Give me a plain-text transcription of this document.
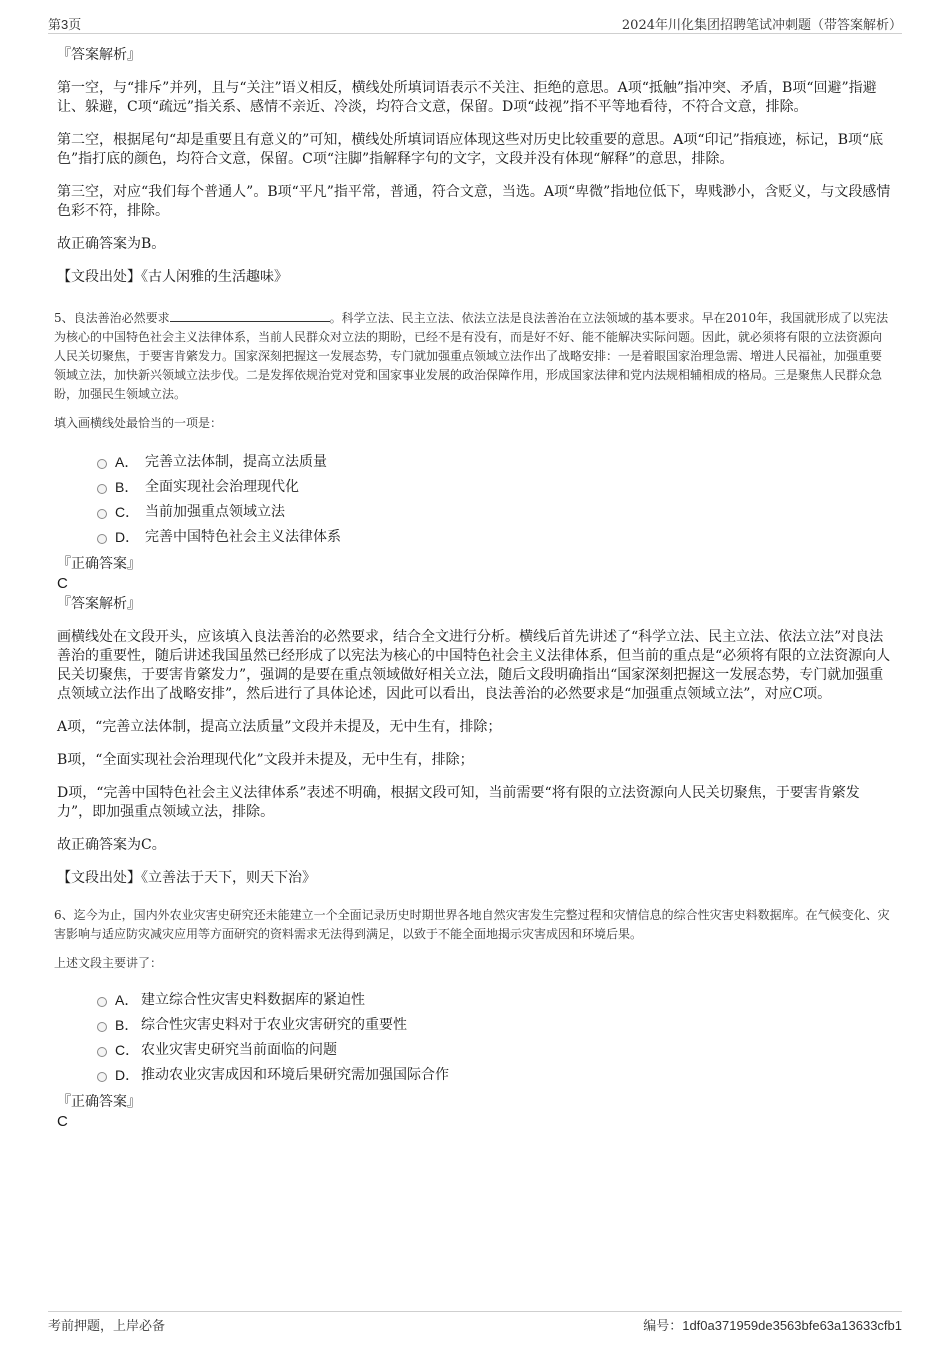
第3页	2024年川化集团招聘笔试冲刺题（带答案解析）
『答案解析』

第一空，与“排斥”并列，且与“关注”语义相反，横线处所填词语表示不关注、拒绝的意思。A项“抵触”指冲突、矛盾，B项“回避”指避让、躲避，C项“疏远”指关系、感情不亲近、冷淡，均符合文意，保留。D项“歧视”指不平等地看待，不符合文意，排除。

第二空，根据尾句“却是重要且有意义的”可知，横线处所填词语应体现这些对历史比较重要的意思。A项“印记”指痕迹，标记，B项“底色”指打底的颜色，均符合文意，保留。C项“注脚”指解释字句的文字，文段并没有体现“解释”的意思，排除。

第三空，对应“我们每个普通人”。B项“平凡”指平常，普通，符合文意，当选。A项“卑微”指地位低下，卑贱渺小，含贬义，与文段感情色彩不符，排除。

故正确答案为B。

【文段出处】《古人闲雅的生活趣味》

5、良法善治必然要求	。科学立法、民主立法、依法立法是良法善治在立法领域的基本要求。早在2010年，我国就形成了以宪法为核心的中国特色社会主义法律体系，当前人民群众对立法的期盼，已经不是有没有，而是好不好、能不能解决实际问题。因此，就必须将有限的立法资源向人民关切聚焦，于要害肯綮发力。国家深刻把握这一发展态势，专门就加强重点领域立法作出了战略安排：一是着眼国家治理急需、增进人民福祉，加强重要领域立法，加快新兴领域立法步伐。二是发挥依规治党对党和国家事业发展的政治保障作用，形成国家法律和党内法规相辅相成的格局。三是聚焦人民群众急盼，加强民生领域立法。

填入画横线处最恰当的一项是：

A． 完善立法体制，提高立法质量
B． 全面实现社会治理现代化
C． 当前加强重点领域立法
D． 完善中国特色社会主义法律体系

『正确答案』

C

『答案解析』

画横线处在文段开头，应该填入良法善治的必然要求，结合全文进行分析。横线后首先讲述了“科学立法、民主立法、依法立法”对良法善治的重要性，随后讲述我国虽然已经形成了以宪法为核心的中国特色社会主义法律体系，但当前的重点是“必须将有限的立法资源向人民关切聚焦，于要害肯綮发力”，强调的是要在重点领域做好相关立法，随后文段明确指出“国家深刻把握这一发展态势，专门就加强重点领域立法作出了战略安排”，然后进行了具体论述，因此可以看出，良法善治的必然要求是“加强重点领域立法”，对应C项。

A项，“完善立法体制，提高立法质量”文段并未提及，无中生有，排除；

B项，“全面实现社会治理现代化”文段并未提及，无中生有，排除；

D项，“完善中国特色社会主义法律体系”表述不明确，根据文段可知，当前需要“将有限的立法资源向人民关切聚焦，于要害肯綮发力”，即加强重点领域立法，排除。

故正确答案为C。

【文段出处】《立善法于天下，则天下治》

6、迄今为止，国内外农业灾害史研究还未能建立一个全面记录历史时期世界各地自然灾害发生完整过程和灾情信息的综合性灾害史料数据库。在气候变化、灾害影响与适应防灾减灾应用等方面研究的资料需求无法得到满足，以致于不能全面地揭示灾害成因和环境后果。

上述文段主要讲了：

A． 建立综合性灾害史料数据库的紧迫性
B． 综合性灾害史料对于农业灾害研究的重要性
C． 农业灾害史研究当前面临的问题
D． 推动农业灾害成因和环境后果研究需加强国际合作

『正确答案』

C

考前押题，上岸必备	编号：1df0a371959de3563bfe63a13633cfb1
